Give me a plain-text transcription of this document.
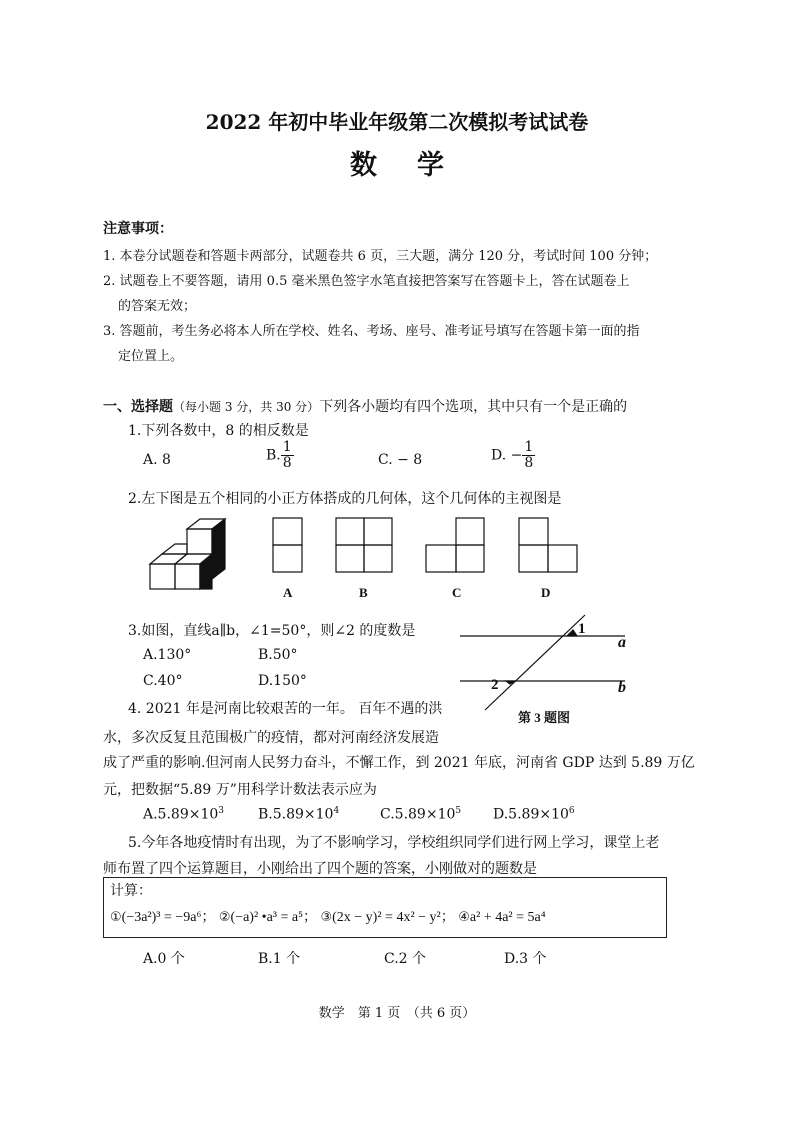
2022 年初中毕业年级第二次模拟考试试卷
数学
注意事项：
1. 本卷分试题卷和答题卡两部分，试题卷共 6 页，三大题，满分 120 分，考试时间 100 分钟；
2. 试题卷上不要答题，请用 0.5 毫米黑色签字水笔直接把答案写在答题卡上，答在试题卷上
的答案无效；
3. 答题前，考生务必将本人所在学校、姓名、考场、座号、准考证号填写在答题卡第一面的指
定位置上。
一、选择题（每小题 3 分，共 30 分）下列各小题均有四个选项，其中只有一个是正确的
1.下列各数中，8 的相反数是
A. 8	B. $\frac{1}{8}$	C. − 8	D. − $\frac{1}{8}$
2.左下图是五个相同的小正方体搭成的几何体，这个几何体的主视图是
A	B	C	D
3.如图，直线a∥b，∠1=50°，则∠2 的度数是
A.130°	B.50°
C.40°	D.150°
1
2
a
b
第 3 题图
4. 2021 年是河南比较艰苦的一年。 百年不遇的洪
水，多次反复且范围极广的疫情，都对河南经济发展造
成了严重的影响.但河南人民努力奋斗，不懈工作，到 2021 年底，河南省 GDP 达到 5.89 万亿
元，把数据“5.89 万”用科学计数法表示应为
$A.5.89\times 10^3$ $B.5.89\times 10^4$	$C.5.89\times 10^5$ $D.5.89\times 10^6$
5.今年各地疫情时有出现，为了不影响学习，学校组织同学们进行网上学习，课堂上老
师布置了四个运算题目，小刚给出了四个题的答案，小刚做对的题数是
计算：
①(−3a²)³ = −9a⁶； ②(−a)² •a³ = a⁵； ③(2x − y)² = 4x² − y²； ④a² + 4a² = 5a⁴
A.0 个	B.1 个	C.2 个	D.3 个
数学　第 1 页　（共 6 页）
